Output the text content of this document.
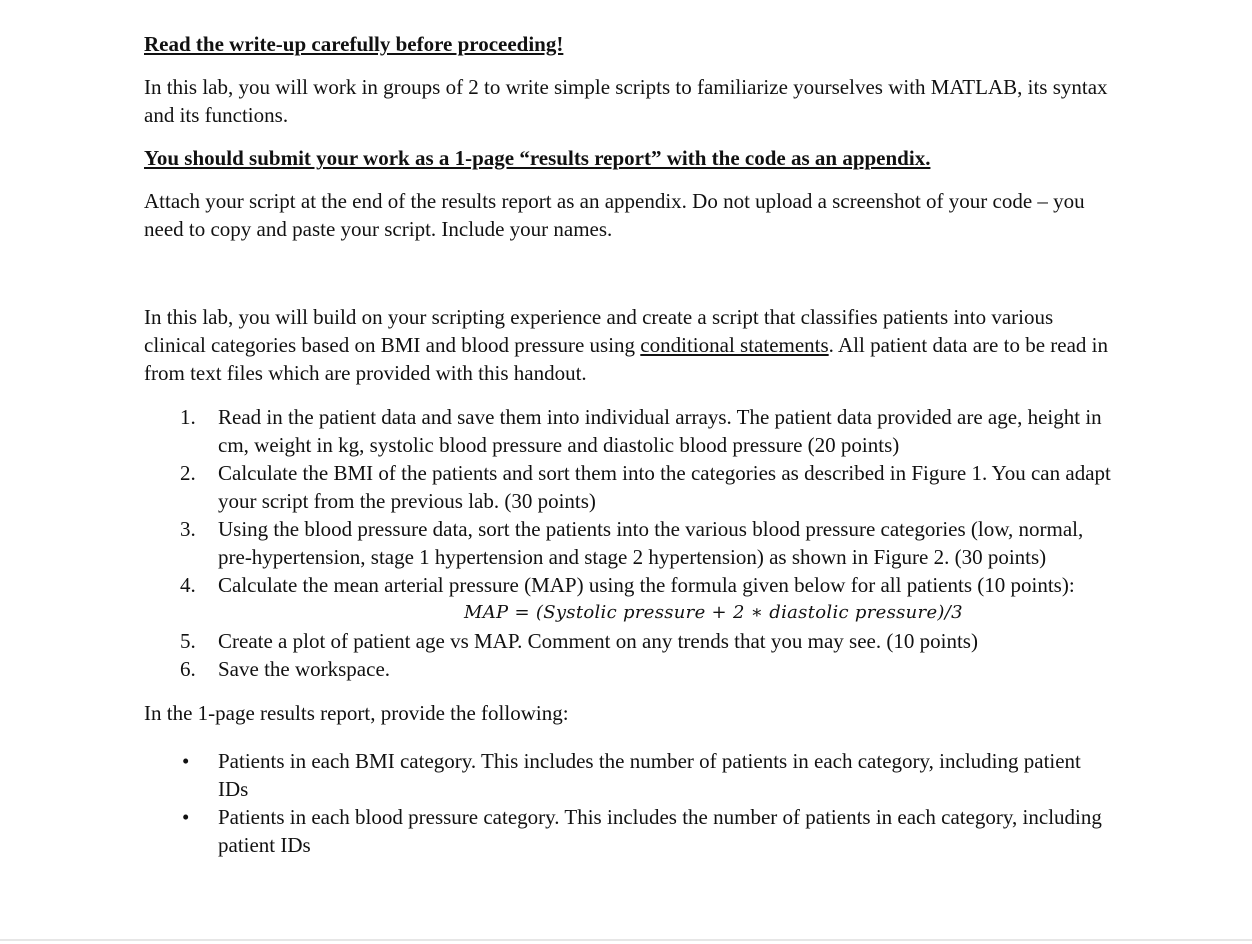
Read the write-up carefully before proceeding!

In this lab, you will work in groups of 2 to write simple scripts to familiarize yourselves with MATLAB, its syntax and its functions.

You should submit your work as a 1-page “results report” with the code as an appendix.

Attach your script at the end of the results report as an appendix. Do not upload a screenshot of your code – you need to copy and paste your script. Include your names.

In this lab, you will build on your scripting experience and create a script that classifies patients into various clinical categories based on BMI and blood pressure using conditional statements. All patient data are to be read in from text files which are provided with this handout.

1. Read in the patient data and save them into individual arrays. The patient data provided are age, height in cm, weight in kg, systolic blood pressure and diastolic blood pressure (20 points)
2. Calculate the BMI of the patients and sort them into the categories as described in Figure 1. You can adapt your script from the previous lab. (30 points)
3. Using the blood pressure data, sort the patients into the various blood pressure categories (low, normal, pre-hypertension, stage 1 hypertension and stage 2 hypertension) as shown in Figure 2. (30 points)
4. Calculate the mean arterial pressure (MAP) using the formula given below for all patients (10 points):
MAP = (Systolic pressure + 2 ∗ diastolic pressure)/3
5. Create a plot of patient age vs MAP. Comment on any trends that you may see. (10 points)
6. Save the workspace.

In the 1-page results report, provide the following:

• Patients in each BMI category. This includes the number of patients in each category, including patient IDs
• Patients in each blood pressure category. This includes the number of patients in each category, including patient IDs
